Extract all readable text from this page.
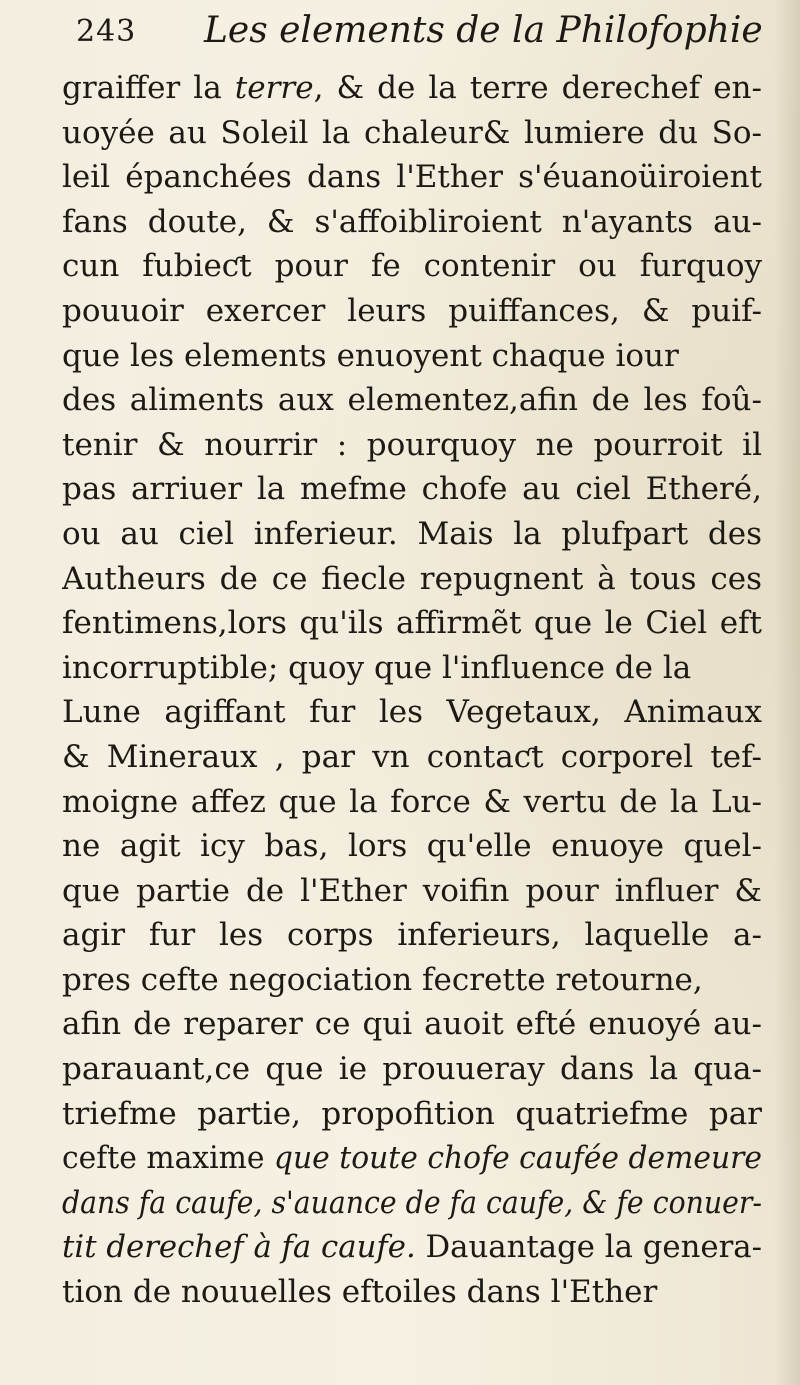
243 Les elements de la Philofophie
graiffer la terre, & de la terre derechef en-
uoyée au Soleil la chaleur& lumiere du So-
leil épanchées dans l'Ether s'éuanoüiroient
fans doute, & s'affoibliroient n'ayants au-
cun fubieƈt pour fe contenir ou furquoy
pouuoir exercer leurs puiffances, & puif-
que les elements enuoyent chaque iour
des aliments aux elementez,afin de les foû-
tenir & nourrir : pourquoy ne pourroit il
pas arriuer la mefme chofe au ciel Etheré,
ou au ciel inferieur. Mais la plufpart des
Autheurs de ce fiecle repugnent à tous ces
fentimens,lors qu'ils affirmẽt que le Ciel eft
incorruptible; quoy que l'influence de la
Lune agiffant fur les Vegetaux, Animaux
& Mineraux , par vn contaƈt corporel tef-
moigne affez que la force & vertu de la Lu-
ne agit icy bas, lors qu'elle enuoye quel-
que partie de l'Ether voifin pour influer &
agir fur les corps inferieurs, laquelle a-
pres cefte negociation fecrette retourne,
afin de reparer ce qui auoit efté enuoyé au-
parauant,ce que ie prouueray dans la qua-
triefme partie, propofition quatriefme par
cefte maxime que toute chofe caufée demeure
dans fa caufe, s'auance de fa caufe, & fe conuer-
tit derechef à fa caufe. Dauantage la genera-
tion de nouuelles eftoiles dans l'Ether
